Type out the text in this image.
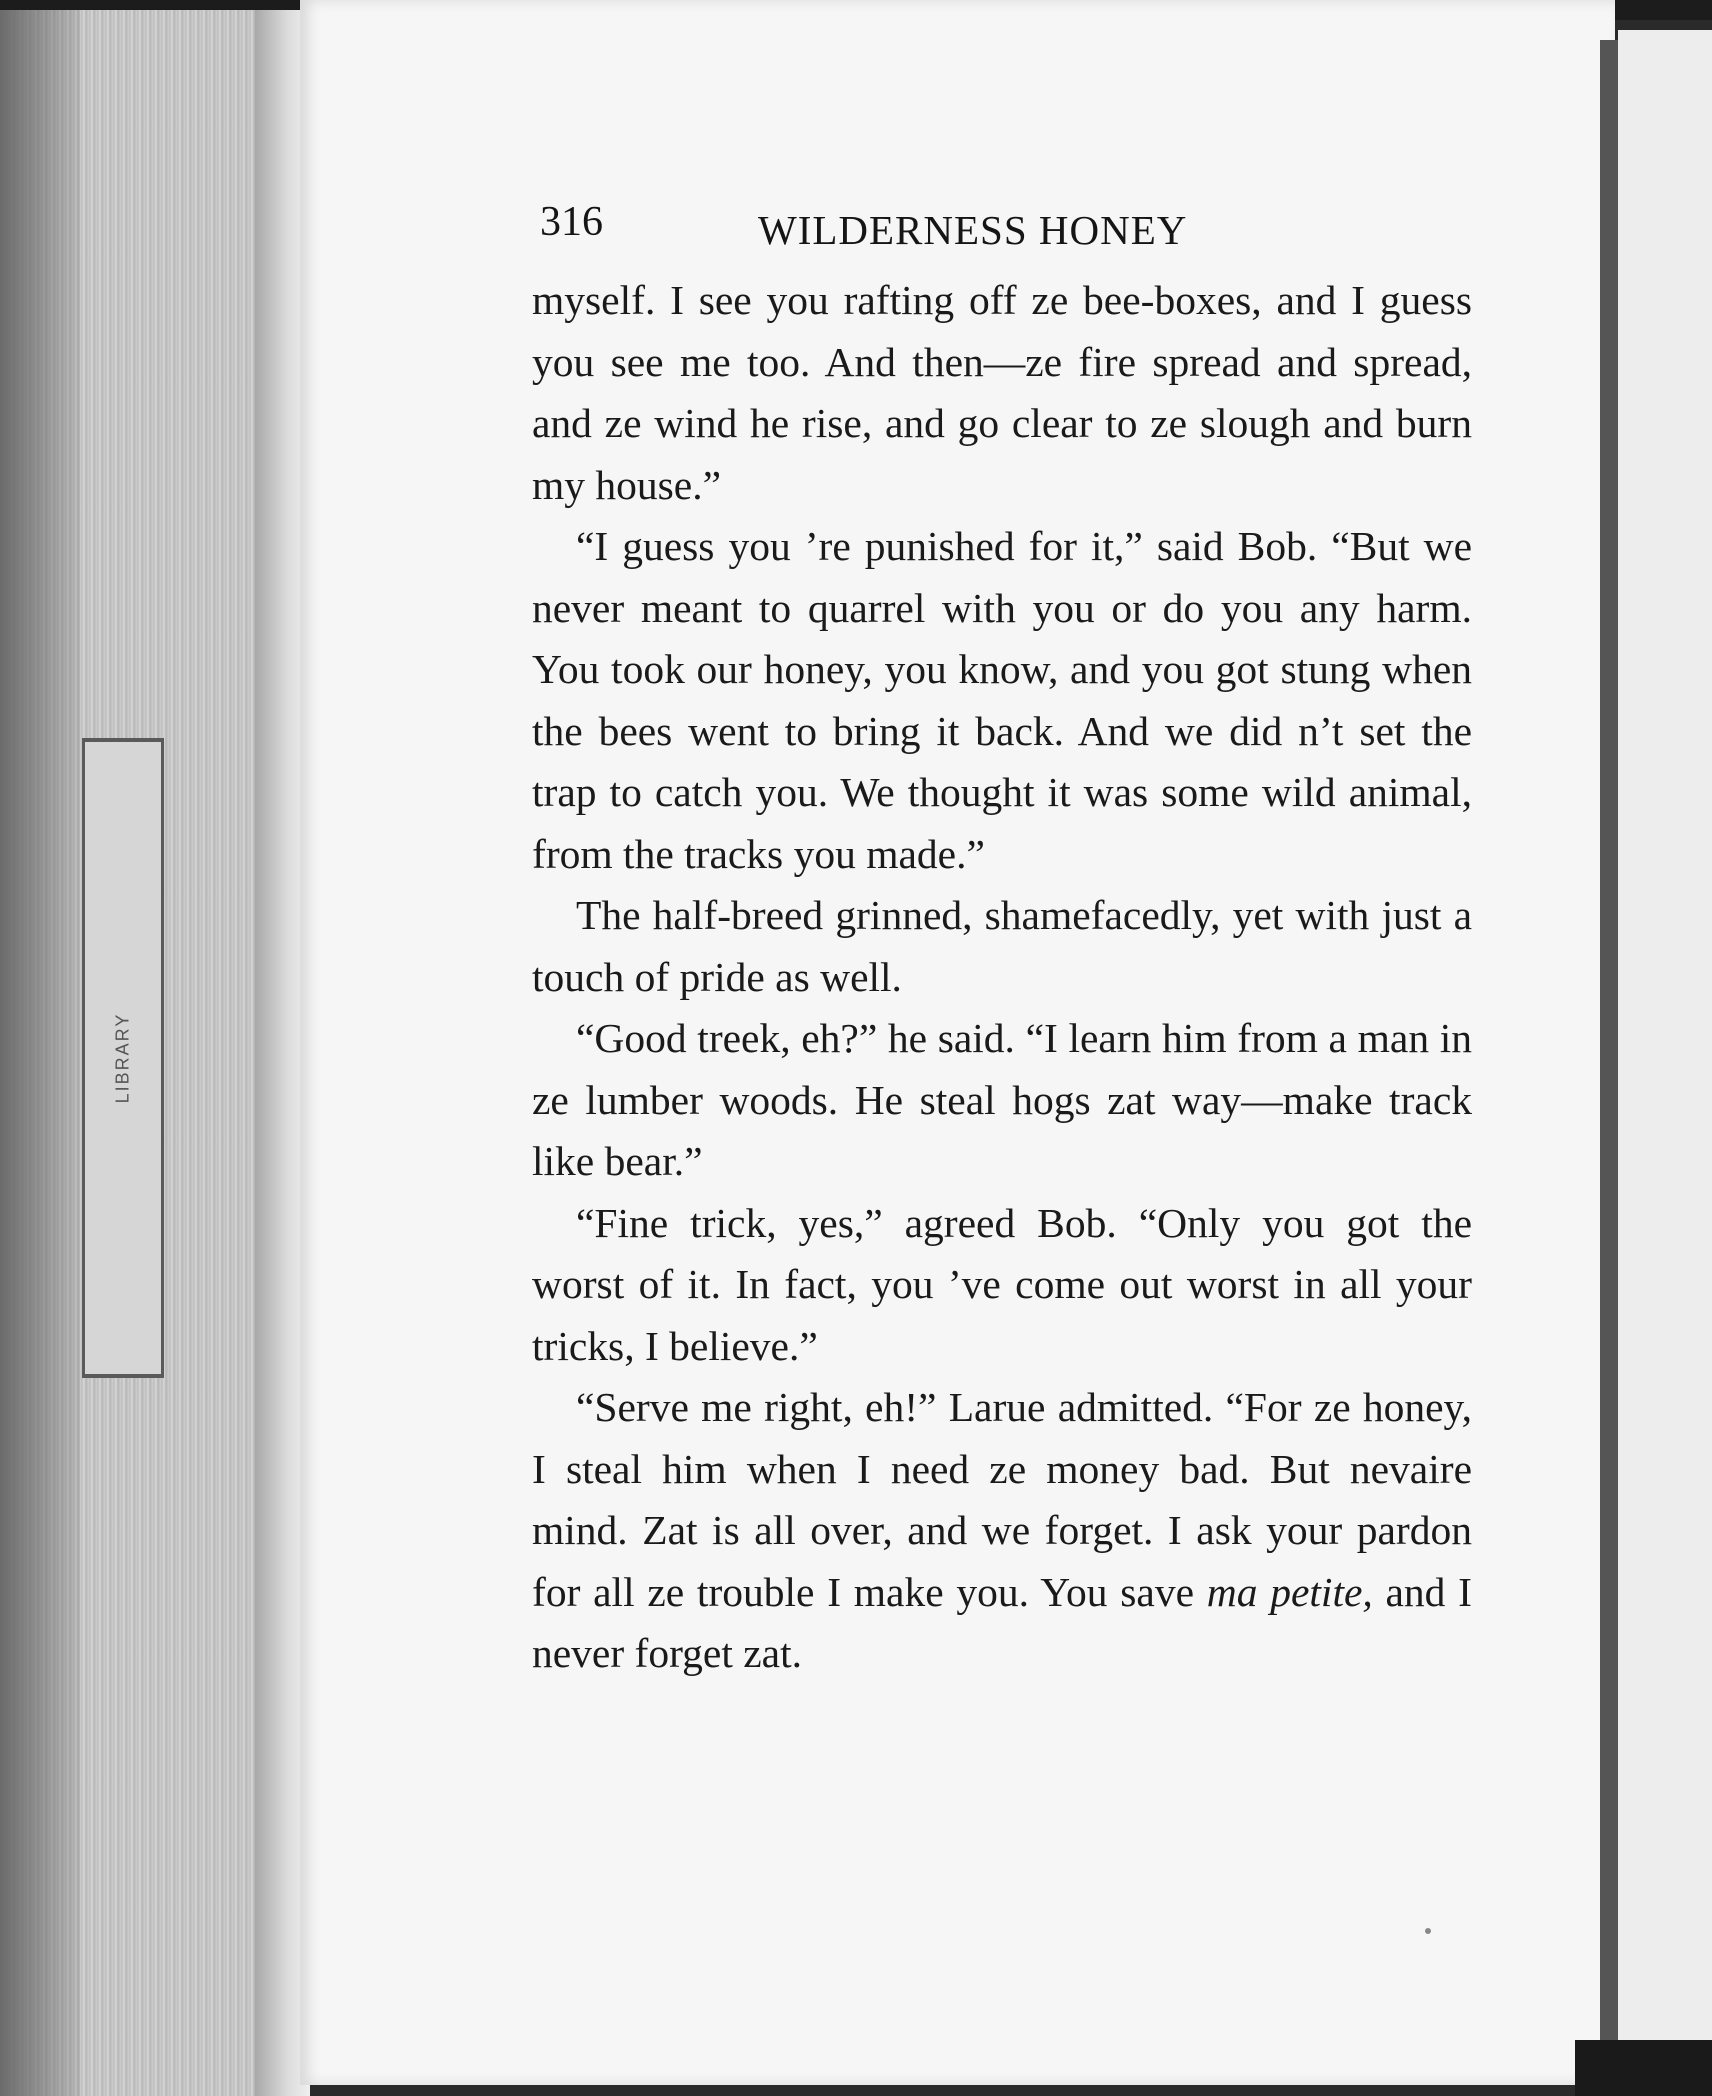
LIBRARY
316	WILDERNESS HONEY

myself. I see you rafting off ze bee-boxes, and I guess you see me too. And then—ze fire spread and spread, and ze wind he rise, and go clear to ze slough and burn my house.”

“I guess you ’re punished for it,” said Bob. “But we never meant to quarrel with you or do you any harm. You took our honey, you know, and you got stung when the bees went to bring it back. And we did n’t set the trap to catch you. We thought it was some wild animal, from the tracks you made.”

The half-breed grinned, shamefacedly, yet with just a touch of pride as well.

“Good treek, eh?” he said. “I learn him from a man in ze lumber woods. He steal hogs zat way—make track like bear.”

“Fine trick, yes,” agreed Bob. “Only you got the worst of it. In fact, you ’ve come out worst in all your tricks, I believe.”

“Serve me right, eh!” Larue admitted. “For ze honey, I steal him when I need ze money bad. But nevaire mind. Zat is all over, and we forget. I ask your pardon for all ze trouble I make you. You save ma petite, and I never forget zat.
